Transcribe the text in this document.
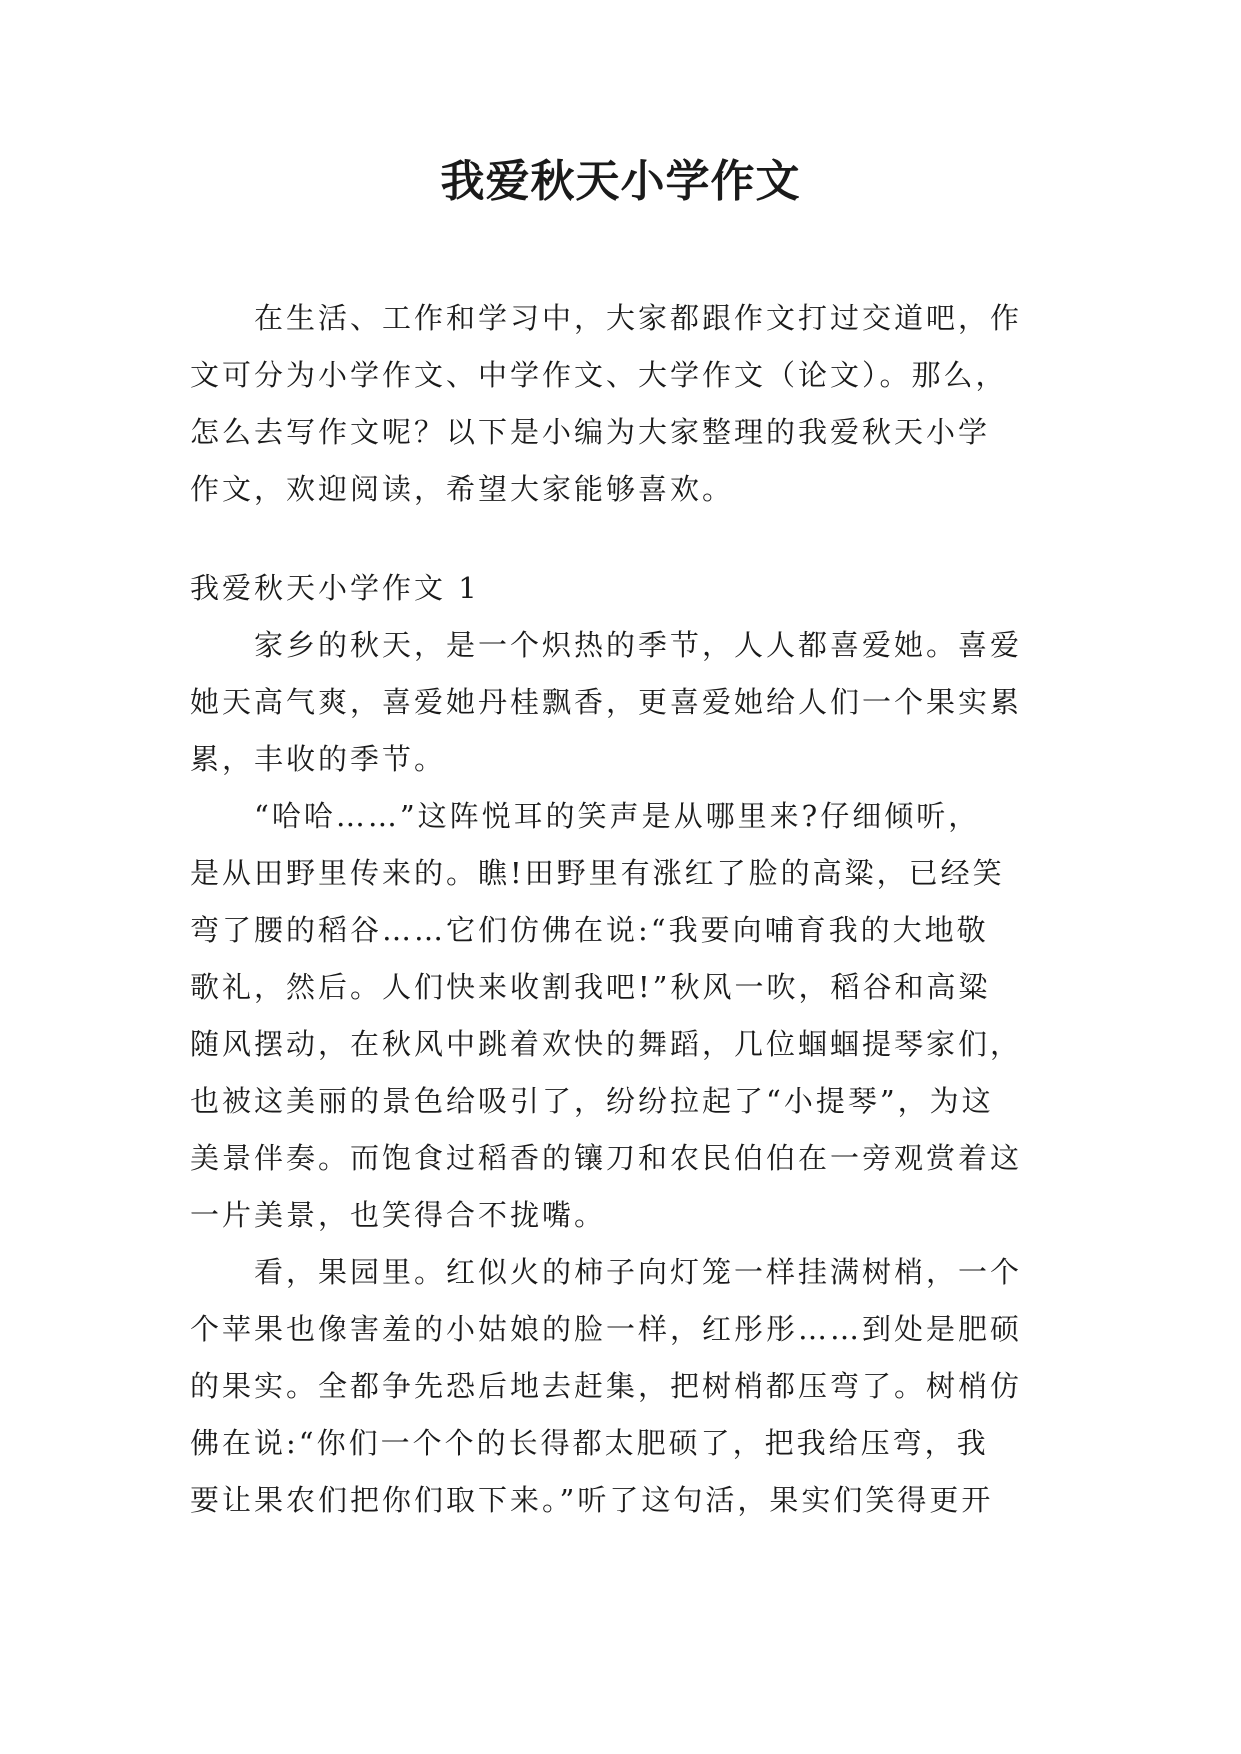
我爱秋天小学作文
在生活、工作和学习中，大家都跟作文打过交道吧，作
文可分为小学作文、中学作文、大学作文（论文）。那么，
怎么去写作文呢？以下是小编为大家整理的我爱秋天小学
作文，欢迎阅读，希望大家能够喜欢。
我爱秋天小学作文 1
家乡的秋天，是一个炽热的季节，人人都喜爱她。喜爱
她天高气爽，喜爱她丹桂飘香，更喜爱她给人们一个果实累
累，丰收的季节。
“哈哈……”这阵悦耳的笑声是从哪里来?仔细倾听，
是从田野里传来的。瞧!田野里有涨红了脸的高粱，已经笑
弯了腰的稻谷……它们仿佛在说:“我要向哺育我的大地敬
歌礼，然后。人们快来收割我吧!”秋风一吹，稻谷和高粱
随风摆动，在秋风中跳着欢快的舞蹈，几位蝈蝈提琴家们，
也被这美丽的景色给吸引了，纷纷拉起了“小提琴”，为这
美景伴奏。而饱食过稻香的镶刀和农民伯伯在一旁观赏着这
一片美景，也笑得合不拢嘴。
看，果园里。红似火的柿子向灯笼一样挂满树梢，一个
个苹果也像害羞的小姑娘的脸一样，红彤彤……到处是肥硕
的果实。全都争先恐后地去赶集，把树梢都压弯了。树梢仿
佛在说:“你们一个个的长得都太肥硕了，把我给压弯，我
要让果农们把你们取下来。”听了这句活，果实们笑得更开
